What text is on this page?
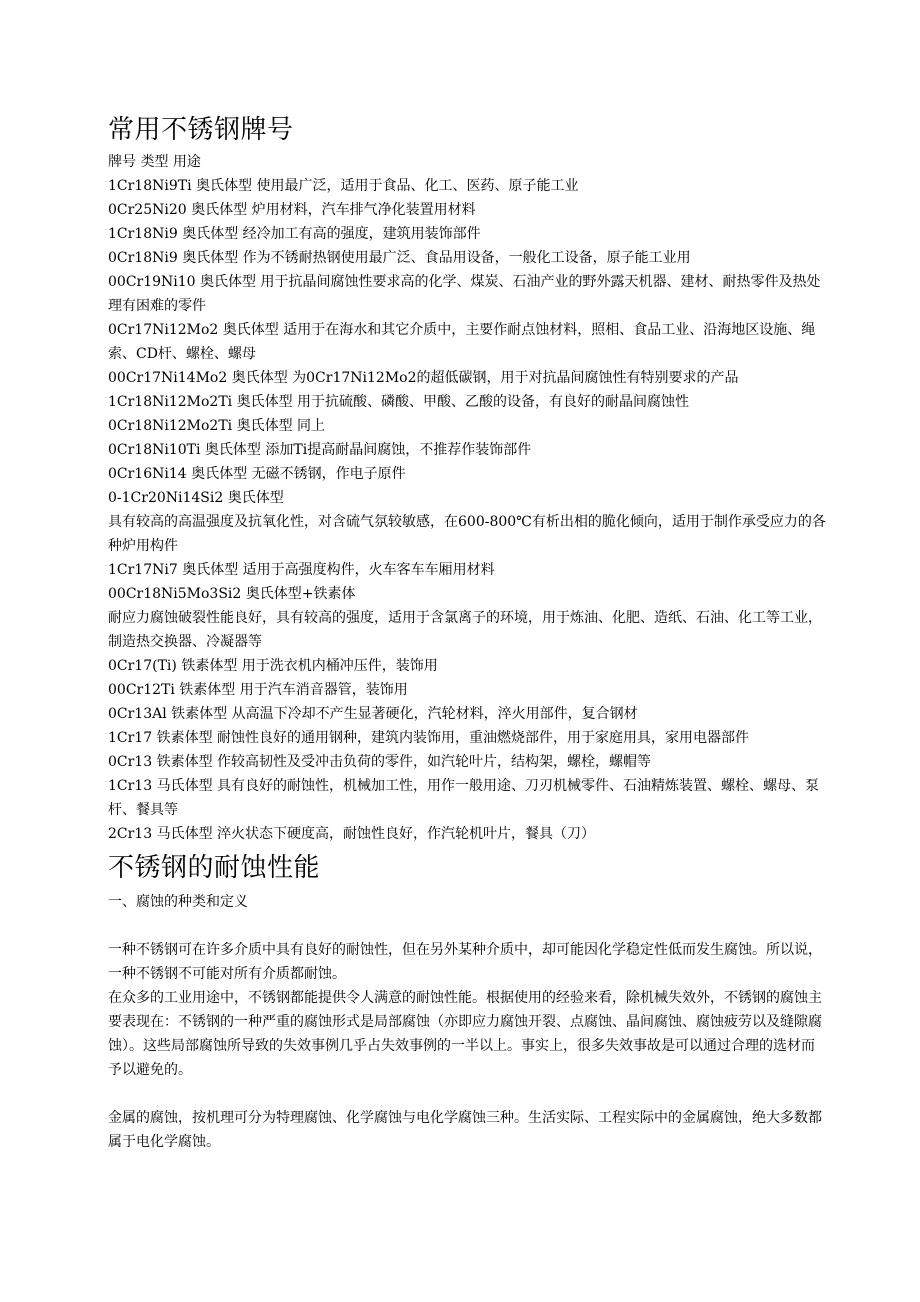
常用不锈钢牌号

牌号 类型 用途

1Cr18Ni9Ti 奥氏体型 使用最广泛，适用于食品、化工、医药、原子能工业

0Cr25Ni20 奥氏体型 炉用材料，汽车排气净化装置用材料

1Cr18Ni9 奥氏体型 经冷加工有高的强度，建筑用装饰部件

0Cr18Ni9 奥氏体型 作为不锈耐热钢使用最广泛、食品用设备，一般化工设备，原子能工业用

00Cr19Ni10 奥氏体型 用于抗晶间腐蚀性要求高的化学、煤炭、石油产业的野外露天机器、建材、耐热零件及热处理有困难的零件

0Cr17Ni12Mo2 奥氏体型 适用于在海水和其它介质中，主要作耐点蚀材料，照相、食品工业、沿海地区设施、绳索、CD杆、螺栓、螺母

00Cr17Ni14Mo2 奥氏体型 为0Cr17Ni12Mo2的超低碳钢，用于对抗晶间腐蚀性有特别要求的产品

1Cr18Ni12Mo2Ti 奥氏体型 用于抗硫酸、磷酸、甲酸、乙酸的设备，有良好的耐晶间腐蚀性

0Cr18Ni12Mo2Ti 奥氏体型 同上

0Cr18Ni10Ti 奥氏体型 添加Ti提高耐晶间腐蚀，不推荐作装饰部件

0Cr16Ni14 奥氏体型 无磁不锈钢，作电子原件

0-1Cr20Ni14Si2 奥氏体型

具有较高的高温强度及抗氧化性，对含硫气氛较敏感，在600-800℃有析出相的脆化倾向，适用于制作承受应力的各种炉用构件

1Cr17Ni7 奥氏体型 适用于高强度构件，火车客车车厢用材料

00Cr18Ni5Mo3Si2 奥氏体型+铁素体

耐应力腐蚀破裂性能良好，具有较高的强度，适用于含氯离子的环境，用于炼油、化肥、造纸、石油、化工等工业，制造热交换器、冷凝器等

0Cr17(Ti) 铁素体型 用于洗衣机内桶冲压件，装饰用

00Cr12Ti 铁素体型 用于汽车消音器管，装饰用

0Cr13Al 铁素体型 从高温下冷却不产生显著硬化，汽轮材料，淬火用部件，复合钢材

1Cr17 铁素体型 耐蚀性良好的通用钢种，建筑内装饰用，重油燃烧部件，用于家庭用具，家用电器部件

0Cr13 铁素体型 作较高韧性及受冲击负荷的零件，如汽轮叶片，结构架，螺栓，螺帽等

1Cr13 马氏体型 具有良好的耐蚀性，机械加工性，用作一般用途、刀刃机械零件、石油精炼装置、螺栓、螺母、泵杆、餐具等

2Cr13 马氏体型 淬火状态下硬度高，耐蚀性良好，作汽轮机叶片，餐具（刀）

不锈钢的耐蚀性能

一、腐蚀的种类和定义

一种不锈钢可在许多介质中具有良好的耐蚀性，但在另外某种介质中，却可能因化学稳定性低而发生腐蚀。所以说，一种不锈钢不可能对所有介质都耐蚀。

在众多的工业用途中，不锈钢都能提供令人满意的耐蚀性能。根据使用的经验来看，除机械失效外，不锈钢的腐蚀主要表现在：不锈钢的一种严重的腐蚀形式是局部腐蚀（亦即应力腐蚀开裂、点腐蚀、晶间腐蚀、腐蚀疲劳以及缝隙腐蚀）。这些局部腐蚀所导致的失效事例几乎占失效事例的一半以上。事实上，很多失效事故是可以通过合理的选材而予以避免的。

金属的腐蚀，按机理可分为特理腐蚀、化学腐蚀与电化学腐蚀三种。生活实际、工程实际中的金属腐蚀，绝大多数都属于电化学腐蚀。
